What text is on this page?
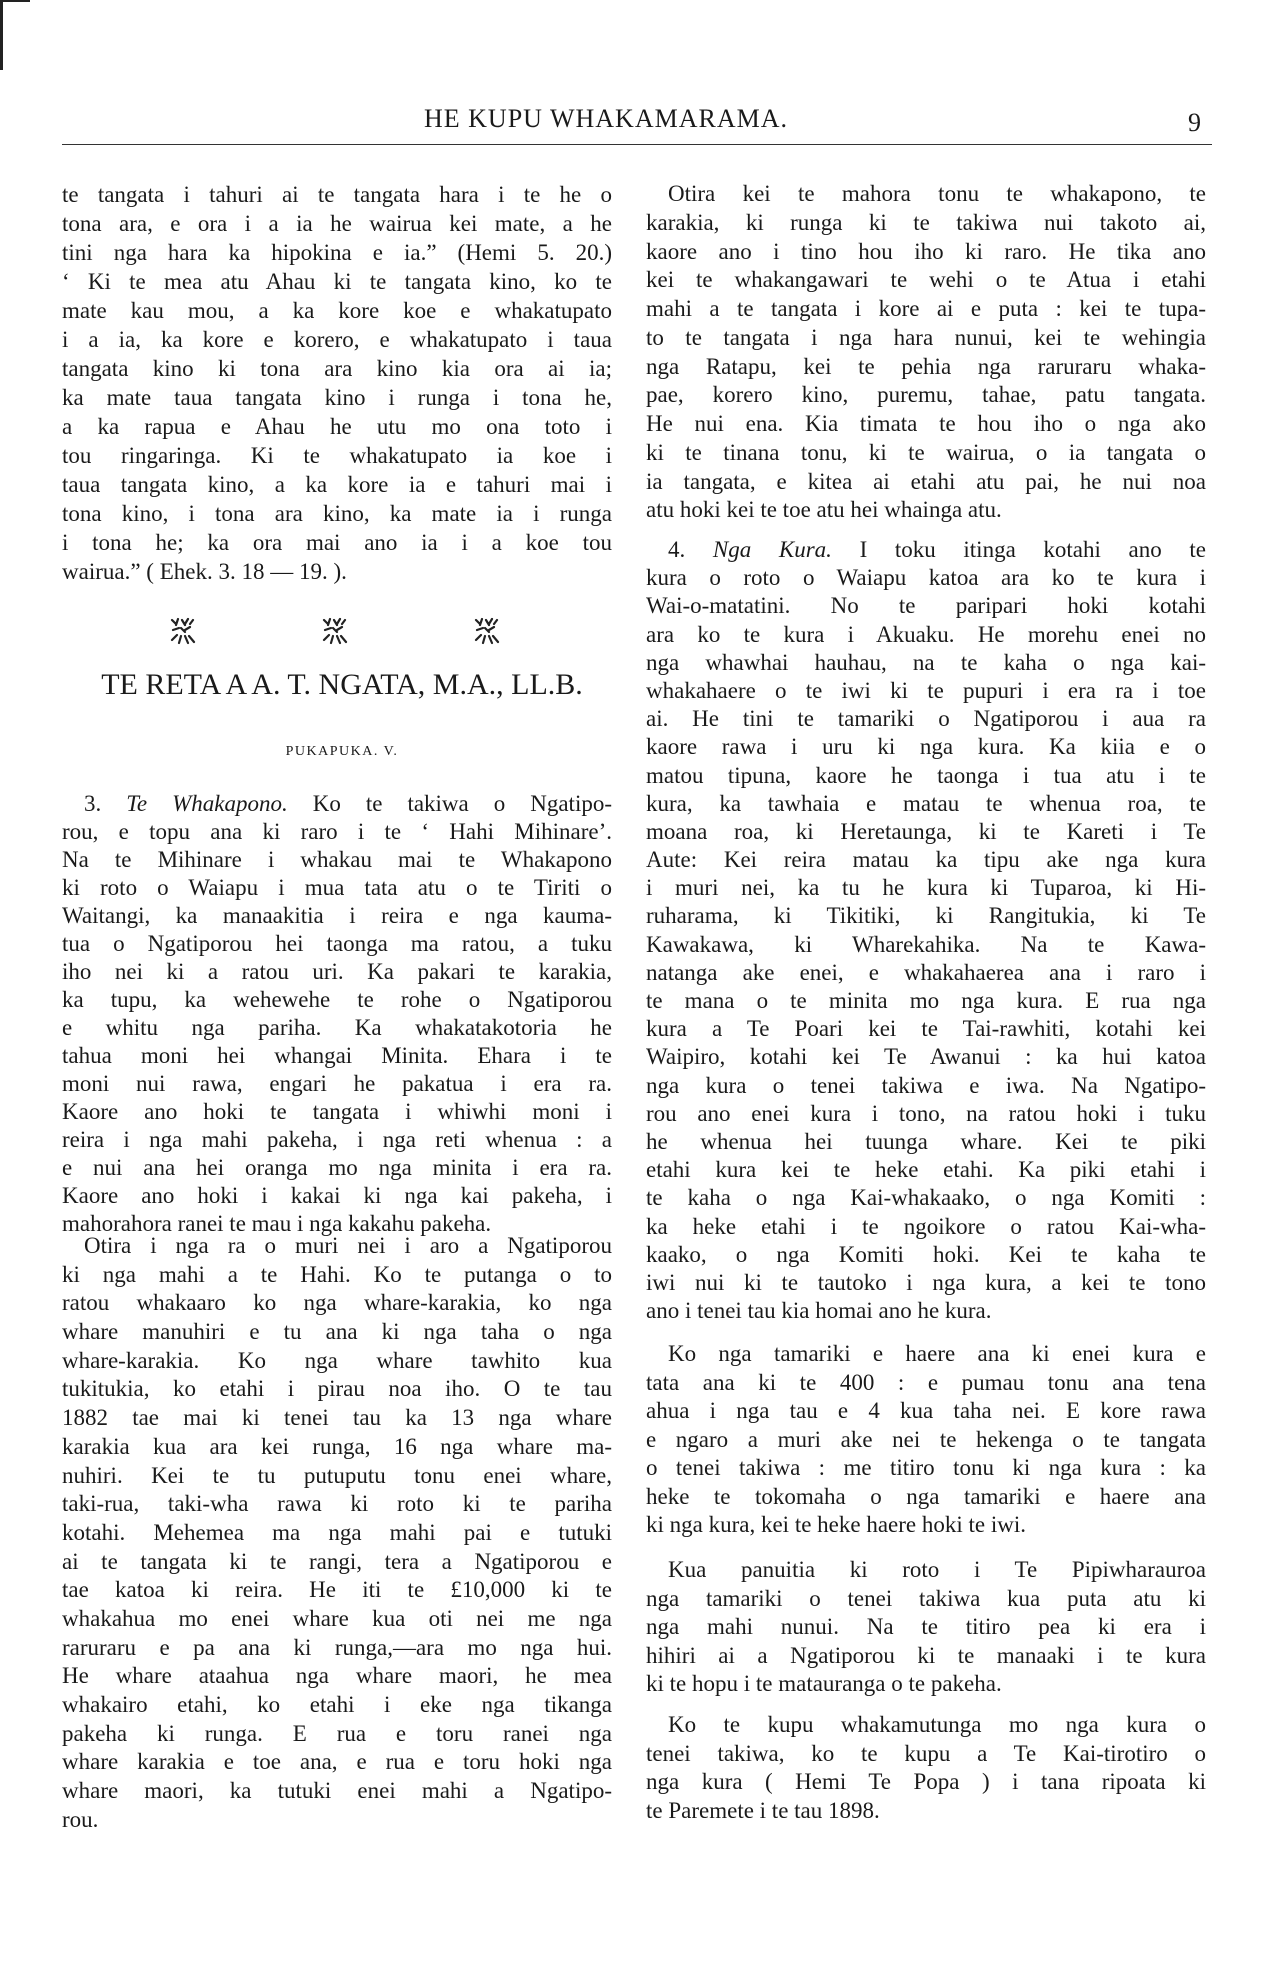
HE KUPU WHAKAMARAMA.	9
te tangata i tahuri ai te tangata hara i te he o
tona ara, e ora i a ia he wairua kei mate, a he
tini nga hara ka hipokina e ia.” (Hemi 5. 20.)
‘ Ki te mea atu Ahau ki te tangata kino, ko te
mate kau mou, a ka kore koe e whakatupato
i a ia, ka kore e korero, e whakatupato i taua
tangata kino ki tona ara kino kia ora ai ia;
ka mate taua tangata kino i runga i tona he,
a ka rapua e Ahau he utu mo ona toto i
tou ringaringa. Ki te whakatupato ia koe i
taua tangata kino, a ka kore ia e tahuri mai i
tona kino, i tona ara kino, ka mate ia i runga
i tona he; ka ora mai ano ia i a koe tou
wairua.” ( Ehek. 3. 18 — 19. ).
TE RETA A A. T. NGATA, M.A., LL.B.
PUKAPUKA. V.
3. Te Whakapono. Ko te takiwa o Ngatipo-
rou, e topu ana ki raro i te ‘ Hahi Mihinare’.
Na te Mihinare i whakau mai te Whakapono
ki roto o Waiapu i mua tata atu o te Tiriti o
Waitangi, ka manaakitia i reira e nga kauma-
tua o Ngatiporou hei taonga ma ratou, a tuku
iho nei ki a ratou uri. Ka pakari te karakia,
ka tupu, ka wehewehe te rohe o Ngatiporou
e whitu nga pariha. Ka whakatakotoria he
tahua moni hei whangai Minita. Ehara i te
moni nui rawa, engari he pakatua i era ra.
Kaore ano hoki te tangata i whiwhi moni i
reira i nga mahi pakeha, i nga reti whenua : a
e nui ana hei oranga mo nga minita i era ra.
Kaore ano hoki i kakai ki nga kai pakeha, i
mahorahora ranei te mau i nga kakahu pakeha.
Otira i nga ra o muri nei i aro a Ngatiporou
ki nga mahi a te Hahi. Ko te putanga o to
ratou whakaaro ko nga whare-karakia, ko nga
whare manuhiri e tu ana ki nga taha o nga
whare-karakia. Ko nga whare tawhito kua
tukitukia, ko etahi i pirau noa iho. O te tau
1882 tae mai ki tenei tau ka 13 nga whare
karakia kua ara kei runga, 16 nga whare ma-
nuhiri. Kei te tu putuputu tonu enei whare,
taki-rua, taki-wha rawa ki roto ki te pariha
kotahi. Mehemea ma nga mahi pai e tutuki
ai te tangata ki te rangi, tera a Ngatiporou e
tae katoa ki reira. He iti te £10,000 ki te
whakahua mo enei whare kua oti nei me nga
raruraru e pa ana ki runga,—ara mo nga hui.
He whare ataahua nga whare maori, he mea
whakairo etahi, ko etahi i eke nga tikanga
pakeha ki runga. E rua e toru ranei nga
whare karakia e toe ana, e rua e toru hoki nga
whare maori, ka tutuki enei mahi a Ngatipo-
rou.
Otira kei te mahora tonu te whakapono, te
karakia, ki runga ki te takiwa nui takoto ai,
kaore ano i tino hou iho ki raro. He tika ano
kei te whakangawari te wehi o te Atua i etahi
mahi a te tangata i kore ai e puta : kei te tupa-
to te tangata i nga hara nunui, kei te wehingia
nga Ratapu, kei te pehia nga raruraru whaka-
pae, korero kino, puremu, tahae, patu tangata.
He nui ena. Kia timata te hou iho o nga ako
ki te tinana tonu, ki te wairua, o ia tangata o
ia tangata, e kitea ai etahi atu pai, he nui noa
atu hoki kei te toe atu hei whainga atu.
4. Nga Kura. I toku itinga kotahi ano te
kura o roto o Waiapu katoa ara ko te kura i
Wai-o-matatini. No te paripari hoki kotahi
ara ko te kura i Akuaku. He morehu enei no
nga whawhai hauhau, na te kaha o nga kai-
whakahaere o te iwi ki te pupuri i era ra i toe
ai. He tini te tamariki o Ngatiporou i aua ra
kaore rawa i uru ki nga kura. Ka kiia e o
matou tipuna, kaore he taonga i tua atu i te
kura, ka tawhaia e matau te whenua roa, te
moana roa, ki Heretaunga, ki te Kareti i Te
Aute: Kei reira matau ka tipu ake nga kura
i muri nei, ka tu he kura ki Tuparoa, ki Hi-
ruharama, ki Tikitiki, ki Rangitukia, ki Te
Kawakawa, ki Wharekahika. Na te Kawa-
natanga ake enei, e whakahaerea ana i raro i
te mana o te minita mo nga kura. E rua nga
kura a Te Poari kei te Tai-rawhiti, kotahi kei
Waipiro, kotahi kei Te Awanui : ka hui katoa
nga kura o tenei takiwa e iwa. Na Ngatipo-
rou ano enei kura i tono, na ratou hoki i tuku
he whenua hei tuunga whare. Kei te piki
etahi kura kei te heke etahi. Ka piki etahi i
te kaha o nga Kai-whakaako, o nga Komiti :
ka heke etahi i te ngoikore o ratou Kai-wha-
kaako, o nga Komiti hoki. Kei te kaha te
iwi nui ki te tautoko i nga kura, a kei te tono
ano i tenei tau kia homai ano he kura.
Ko nga tamariki e haere ana ki enei kura e
tata ana ki te 400 : e pumau tonu ana tena
ahua i nga tau e 4 kua taha nei. E kore rawa
e ngaro a muri ake nei te hekenga o te tangata
o tenei takiwa : me titiro tonu ki nga kura : ka
heke te tokomaha o nga tamariki e haere ana
ki nga kura, kei te heke haere hoki te iwi.
Kua panuitia ki roto i Te Pipiwharauroa
nga tamariki o tenei takiwa kua puta atu ki
nga mahi nunui. Na te titiro pea ki era i
hihiri ai a Ngatiporou ki te manaaki i te kura
ki te hopu i te matauranga o te pakeha.
Ko te kupu whakamutunga mo nga kura o
tenei takiwa, ko te kupu a Te Kai-tirotiro o
nga kura ( Hemi Te Popa ) i tana ripoata ki
te Paremete i te tau 1898.
